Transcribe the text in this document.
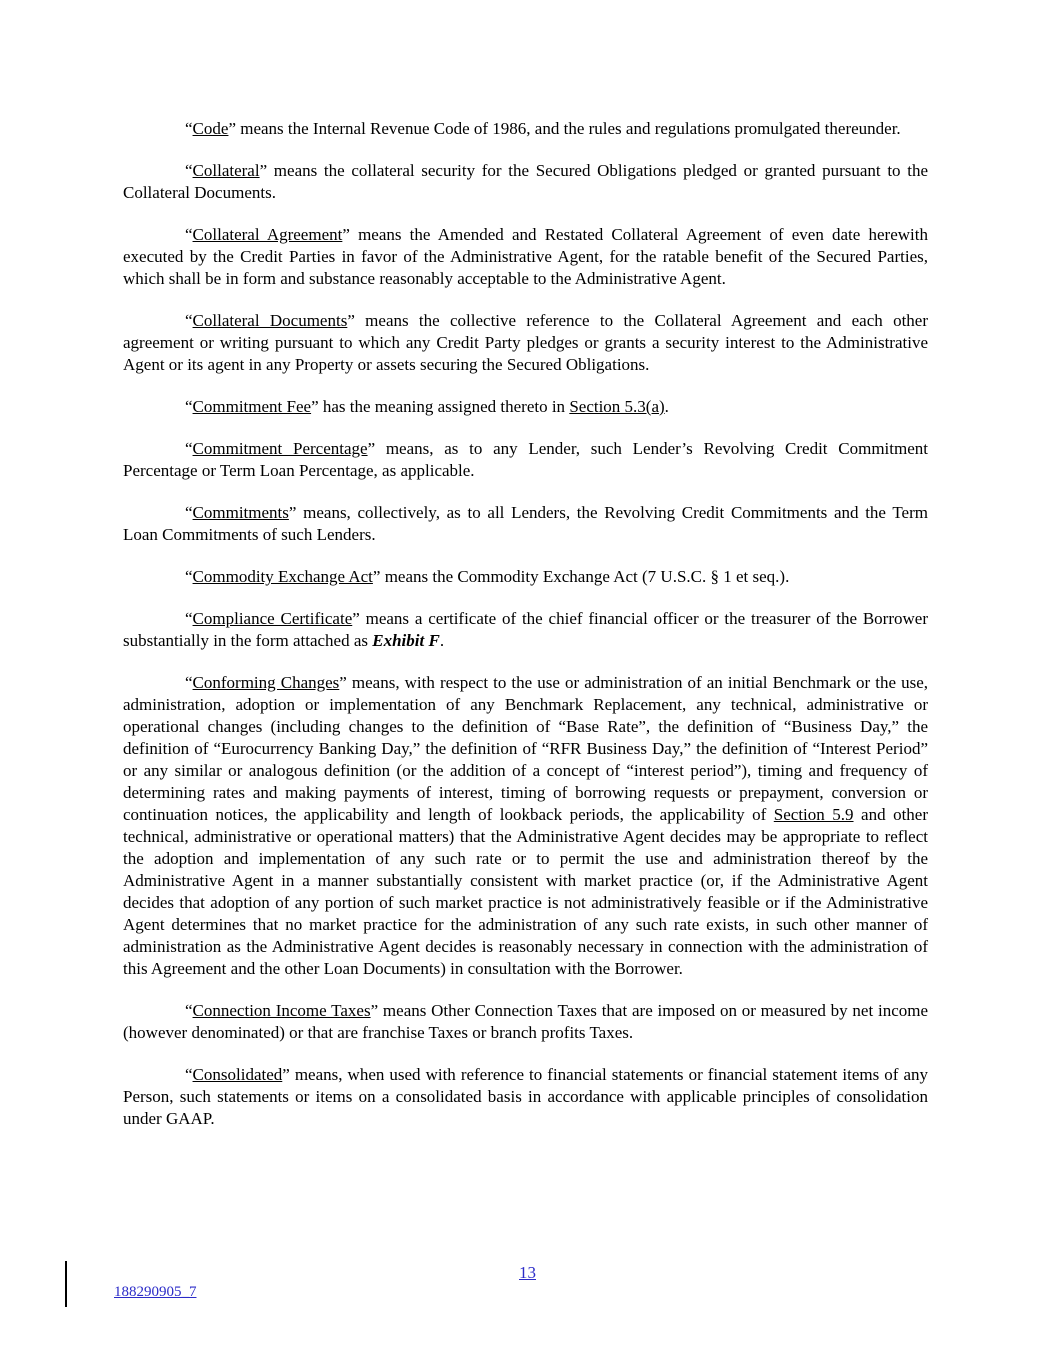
“Code” means the Internal Revenue Code of 1986, and the rules and regulations promulgated thereunder.

“Collateral” means the collateral security for the Secured Obligations pledged or granted pursuant to the Collateral Documents.

“Collateral Agreement” means the Amended and Restated Collateral Agreement of even date herewith executed by the Credit Parties in favor of the Administrative Agent, for the ratable benefit of the Secured Parties, which shall be in form and substance reasonably acceptable to the Administrative Agent.

“Collateral Documents” means the collective reference to the Collateral Agreement and each other agreement or writing pursuant to which any Credit Party pledges or grants a security interest to the Administrative Agent or its agent in any Property or assets securing the Secured Obligations.

“Commitment Fee” has the meaning assigned thereto in Section 5.3(a).

“Commitment Percentage” means, as to any Lender, such Lender’s Revolving Credit Commitment Percentage or Term Loan Percentage, as applicable.

“Commitments” means, collectively, as to all Lenders, the Revolving Credit Commitments and the Term Loan Commitments of such Lenders.

“Commodity Exchange Act” means the Commodity Exchange Act (7 U.S.C. § 1 et seq.).

“Compliance Certificate” means a certificate of the chief financial officer or the treasurer of the Borrower substantially in the form attached as Exhibit F.

“Conforming Changes” means, with respect to the use or administration of an initial Benchmark or the use, administration, adoption or implementation of any Benchmark Replacement, any technical, administrative or operational changes (including changes to the definition of “Base Rate”, the definition of “Business Day,” the definition of “Eurocurrency Banking Day,” the definition of “RFR Business Day,” the definition of “Interest Period” or any similar or analogous definition (or the addition of a concept of “interest period”), timing and frequency of determining rates and making payments of interest, timing of borrowing requests or prepayment, conversion or continuation notices, the applicability and length of lookback periods, the applicability of Section 5.9 and other technical, administrative or operational matters) that the Administrative Agent decides may be appropriate to reflect the adoption and implementation of any such rate or to permit the use and administration thereof by the Administrative Agent in a manner substantially consistent with market practice (or, if the Administrative Agent decides that adoption of any portion of such market practice is not administratively feasible or if the Administrative Agent determines that no market practice for the administration of any such rate exists, in such other manner of administration as the Administrative Agent decides is reasonably necessary in connection with the administration of this Agreement and the other Loan Documents) in consultation with the Borrower.

“Connection Income Taxes” means Other Connection Taxes that are imposed on or measured by net income (however denominated) or that are franchise Taxes or branch profits Taxes.

“Consolidated” means, when used with reference to financial statements or financial statement items of any Person, such statements or items on a consolidated basis in accordance with applicable principles of consolidation under GAAP.

13
188290905_7
